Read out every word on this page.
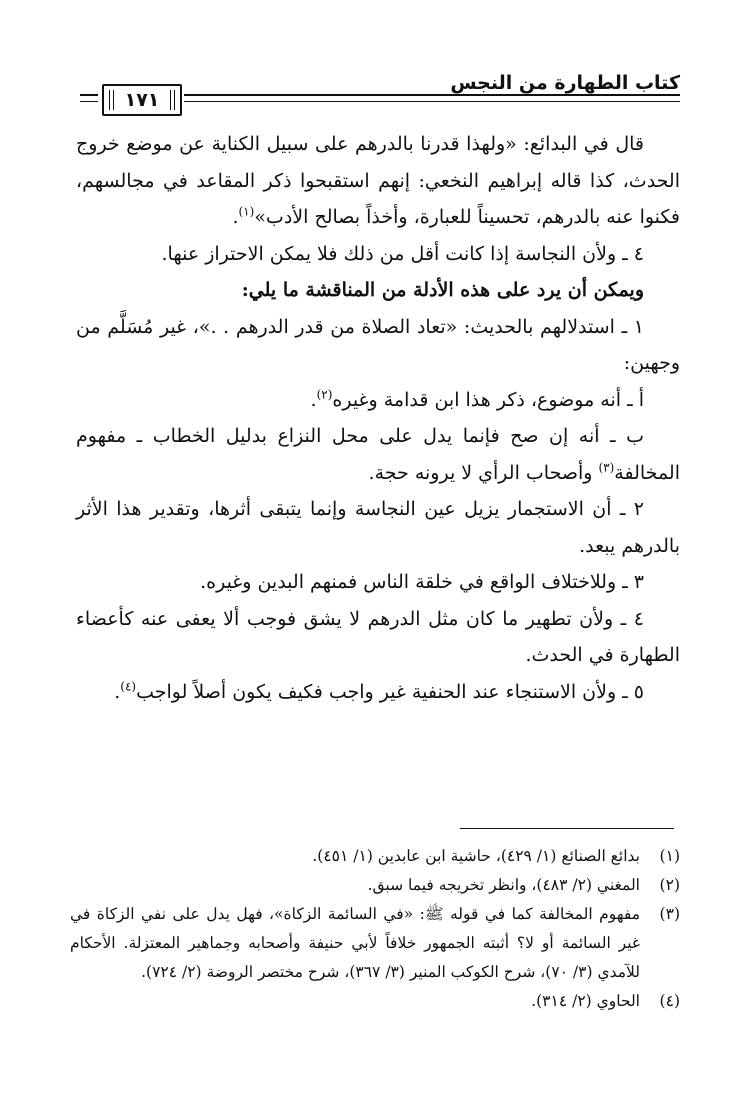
كتاب الطهارة من النجس
١٧١

قال في البدائع: «ولهذا قدرنا بالدرهم على سبيل الكناية عن موضع خروج الحدث، كذا قاله إبراهيم النخعي: إنهم استقبحوا ذكر المقاعد في مجالسهم، فكنوا عنه بالدرهم، تحسيناً للعبارة، وأخذاً بصالح الأدب»$^{(١)}$.

٤ ـ ولأن النجاسة إذا كانت أقل من ذلك فلا يمكن الاحتراز عنها.

ويمكن أن يرد على هذه الأدلة من المناقشة ما يلي:

١ ـ استدلالهم بالحديث: «تعاد الصلاة من قدر الدرهم . .»، غير مُسَلَّم من وجهين:

أ ـ أنه موضوع، ذكر هذا ابن قدامة وغيره$^{(٢)}$.

ب ـ أنه إن صح فإنما يدل على محل النزاع بدليل الخطاب ـ مفهوم المخالفة$^{(٣)}$ وأصحاب الرأي لا يرونه حجة.

٢ ـ أن الاستجمار يزيل عين النجاسة وإنما يتبقى أثرها، وتقدير هذا الأثر بالدرهم يبعد.

٣ ـ وللاختلاف الواقع في خلقة الناس فمنهم البدين وغيره.

٤ ـ ولأن تطهير ما كان مثل الدرهم لا يشق فوجب ألا يعفى عنه كأعضاء الطهارة في الحدث.

٥ ـ ولأن الاستنجاء عند الحنفية غير واجب فكيف يكون أصلاً لواجب$^{(٤)}$.

(١)
بدائع الصنائع (١/ ٤٢٩)، حاشية ابن عابدين (١/ ٤٥١).
(٢)
المغني (٢/ ٤٨٣)، وانظر تخريجه فيما سبق.
(٣)
مفهوم المخالفة كما في قوله ﷺ: «في السائمة الزكاة»، فهل يدل على نفي الزكاة في غير السائمة أو لا؟ أثبته الجمهور خلافاً لأبي حنيفة وأصحابه وجماهير المعتزلة. الأحكام للآمدي (٣/ ٧٠)، شرح الكوكب المنير (٣/ ٣٦٧)، شرح مختصر الروضة (٢/ ٧٢٤).
(٤)
الحاوي (٢/ ٣١٤).
